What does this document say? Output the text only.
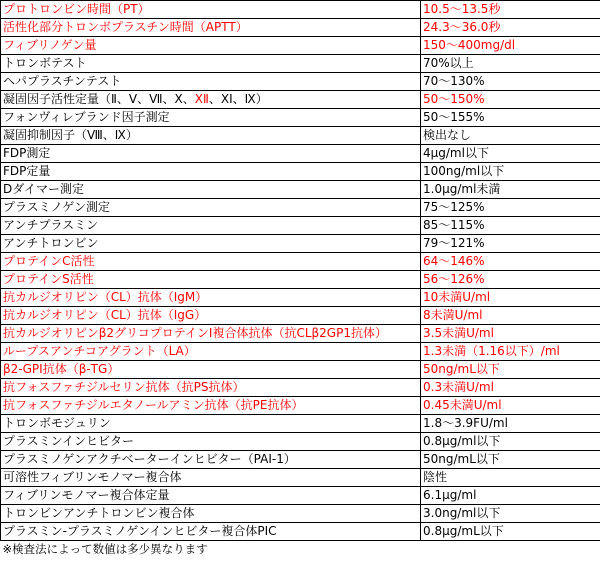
プロトロンビン時間（PT）	10.5～13.5秒
活性化部分トロンボプラスチン時間（APTT）	24.3～36.0秒
フィブリノゲン量	150～400mg/dl
トロンボテスト	70%以上
ヘパプラスチンテスト	70～130%
凝固因子活性定量（Ⅱ、Ⅴ、Ⅶ、Ⅹ、ⅩⅡ、ⅩⅠ、Ⅸ）	50～150%
フォンヴィレブランド因子測定	50～155%
凝固抑制因子（Ⅷ、Ⅸ）	検出なし
FDP測定	4μg/ml以下
FDP定量	100ng/ml以下
Dダイマー測定	1.0μg/ml未満
プラスミノゲン測定	75～125%
アンチプラスミン	85～115%
アンチトロンビン	79～121%
プロテインC活性	64～146%
プロテインS活性	56～126%
抗カルジオリピン（CL）抗体（IgM）	10未満U/ml
抗カルジオリピン（CL）抗体（IgG）	8未満U/ml
抗カルジオリピンβ2グリコプロテインⅠ複合体抗体（抗CLβ2GP1抗体）	3.5未満U/ml
ループスアンチコアグラント（LA）	1.3未満（1.16以下）/ml
β2-GPI抗体（β-TG）	50ng/mL以下
抗フォスファチジルセリン抗体（抗PS抗体）	0.3未満U/ml
抗フォスファチジルエタノールアミン抗体（抗PE抗体）	0.45未満U/ml
トロンボモジュリン	1.8～3.9FU/ml
プラスミンインヒビター	0.8μg/ml以下
プラスミノゲンアクチベーターインヒビター（PAI-1）	50ng/mL以下
可溶性フィブリンモノマー複合体	陰性
フィブリンモノマー複合体定量	6.1μg/ml
トロンビンアンチトロンビン複合体	3.0ng/ml以下
プラスミン-プラスミノゲンインヒビター複合体PIC	0.8μg/mL以下
※検査法によって数値は多少異なります	
